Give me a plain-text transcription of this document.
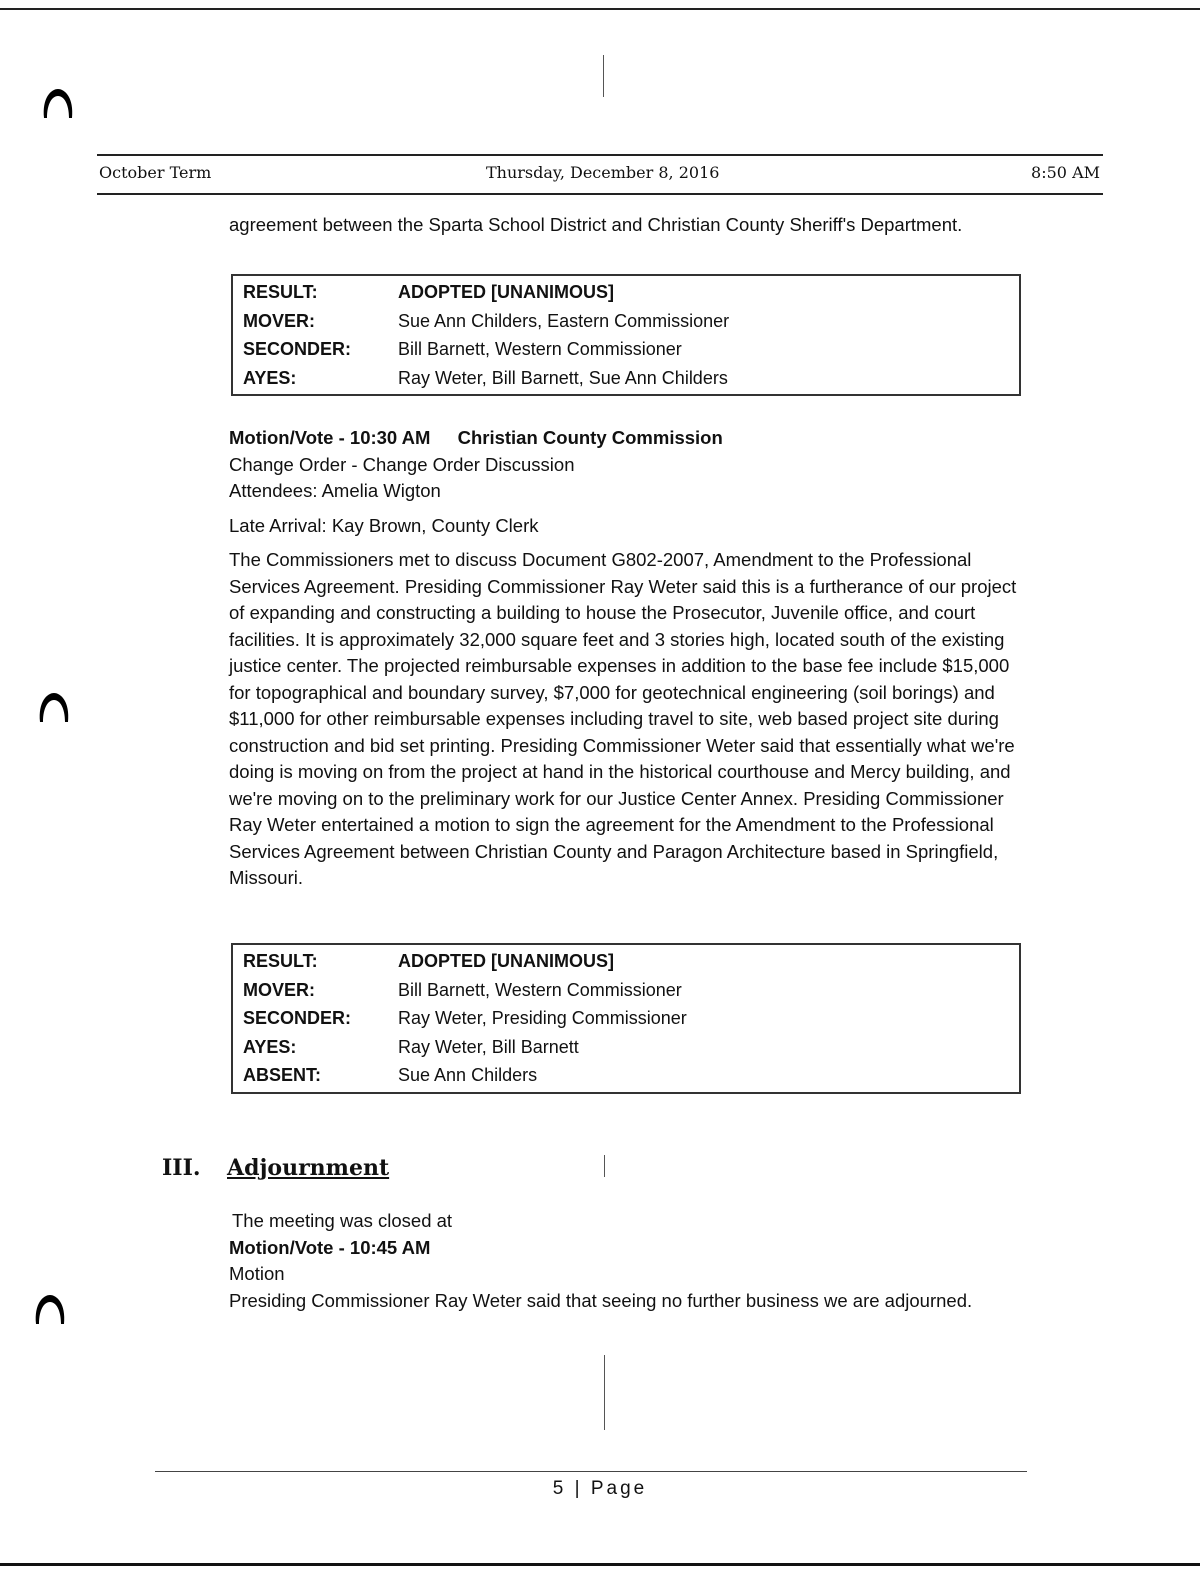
October Term	Thursday, December 8, 2016	8:50 AM
agreement between the Sparta School District and Christian County Sheriff's Department.
RESULT:	ADOPTED [UNANIMOUS]
MOVER:	Sue Ann Childers, Eastern Commissioner
SECONDER:	Bill Barnett, Western Commissioner
AYES:	Ray Weter, Bill Barnett, Sue Ann Childers
Motion/Vote - 10:30 AM Christian County Commission
Change Order - Change Order Discussion
Attendees: Amelia Wigton
Late Arrival: Kay Brown, County Clerk
The Commissioners met to discuss Document G802-2007, Amendment to the Professional Services Agreement. Presiding Commissioner Ray Weter said this is a furtherance of our project of expanding and constructing a building to house the Prosecutor, Juvenile office, and court facilities. It is approximately 32,000 square feet and 3 stories high, located south of the existing justice center. The projected reimbursable expenses in addition to the base fee include $15,000 for topographical and boundary survey, $7,000 for geotechnical engineering (soil borings) and $11,000 for other reimbursable expenses including travel to site, web based project site during construction and bid set printing. Presiding Commissioner Weter said that essentially what we're doing is moving on from the project at hand in the historical courthouse and Mercy building, and we're moving on to the preliminary work for our Justice Center Annex. Presiding Commissioner Ray Weter entertained a motion to sign the agreement for the Amendment to the Professional Services Agreement between Christian County and Paragon Architecture based in Springfield, Missouri.
RESULT:	ADOPTED [UNANIMOUS]
MOVER:	Bill Barnett, Western Commissioner
SECONDER:	Ray Weter, Presiding Commissioner
AYES:	Ray Weter, Bill Barnett
ABSENT:	Sue Ann Childers
III. Adjournment
The meeting was closed at
Motion/Vote - 10:45 AM
Motion
Presiding Commissioner Ray Weter said that seeing no further business we are adjourned.
5 | Page
